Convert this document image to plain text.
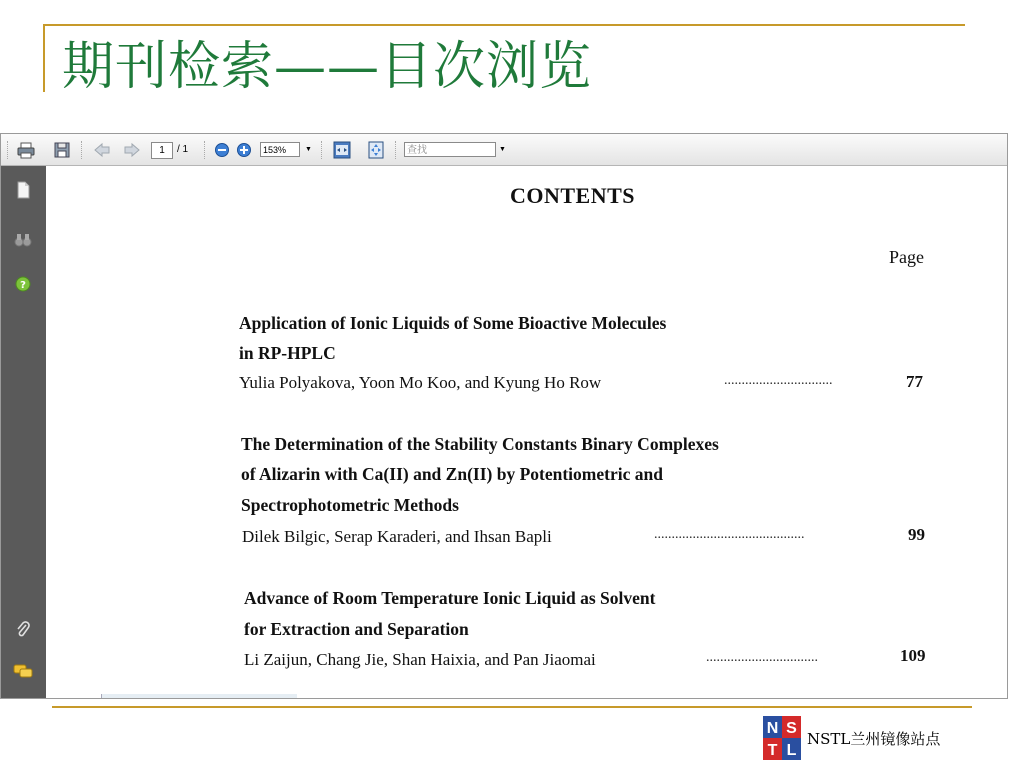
期刊检索——目次浏览
1	/ 1	153%	▼	查找	▼
?
CONTENTS
Page
Application of Ionic Liquids of Some Bioactive Molecules
in RP-HPLC
Yulia Polyakova, Yoon Mo Koo, and Kyung Ho Row	...............................	77
The Determination of the Stability Constants Binary Complexes
of Alizarin with Ca(II) and Zn(II) by Potentiometric and
Spectrophotometric Methods
Dilek Bilgic, Serap Karaderi, and Ihsan Bapli	...........................................	99
Advance of Room Temperature Ionic Liquid as Solvent
for Extraction and Separation
Li Zaijun, Chang Jie, Shan Haixia, and Pan Jiaomai	................................	109
N S
T L
NSTL兰州镜像站点
